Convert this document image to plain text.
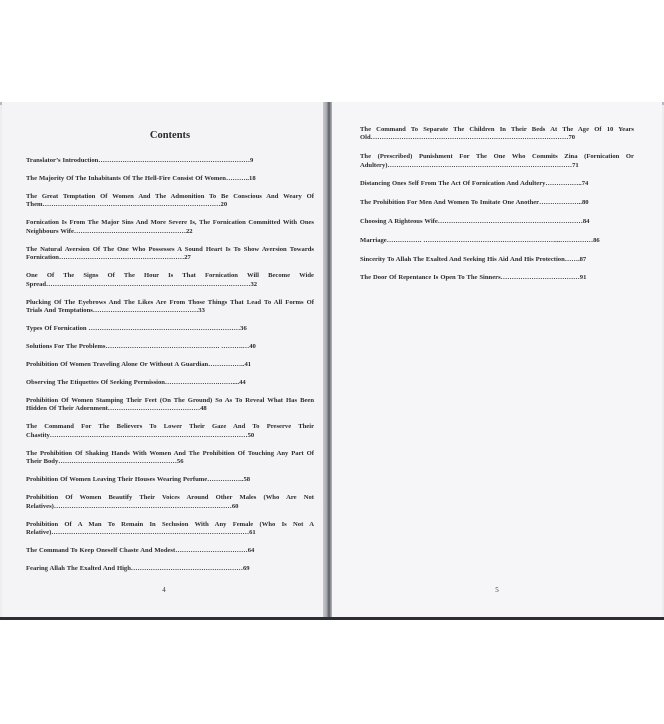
Contents
Translator’s Introduction……………………………………………………………9
The Majority Of The Inhabitants Of The Hell-Fire Consist Of Women………..18
The Great Temptation Of Women And The Admonition To Be Conscious And Weary Of Them………………………………………………………………………20
Fornication Is From The Major Sins And More Severe Is, The Fornication Committed With Ones Neighbours Wife……………………………………………22
The Natural Aversion Of The One Who Possesses A Sound Heart Is To Show Aversion Towards Fornication…………………………………………………27
One Of The Signs Of The Hour Is That Fornication Will Become Wide Spread…………………………………………………………………………………32
Plucking Of The Eyebrows And The Likes Are From Those Things That Lead To All Forms Of Trials And Temptations…………………………………………33
Types Of Fornication ……………………………………………………………36
Solutions For The Problems……………………………………………. ……….…40
Prohibition Of Women Traveling Alone Or Without A Guardian……………..41
Observing The Etiquettes Of Seeking Permission…………………….……....44
Prohibition Of Women Stamping Their Feet (On The Ground) So As To Reveal What Has Been Hidden Of Their Adornment……………………………………48
The Command For The Believers To Lower Their Gaze And To Preserve Their Chastity………………………………………………………………………………50
The Prohibition Of Shaking Hands With Women And The Prohibition Of Touching Any Part Of Their Body………………………………………………56
Prohibition Of Women Leaving Their Houses Wearing Perfume……………..58
Prohibition Of Women Beautify Their Voices Around Other Males (Who Are Not Relatives)………………………………………………………………………60
Prohibition Of A Man To Remain In Seclusion With Any Female (Who Is Not A Relative)………………………………………………………………………………61
The Command To Keep Oneself Chaste And Modest……………………………64
Fearing Allah The Exalted And High……………………………………………69
4
The Command To Separate The Children In Their Beds At The Age Of 10 Years Old………………………………………………………………………………70
The (Prescribed) Punishment For The One Who Commits Zina (Fornication Or Adultery)…………………………………………………………………………71
Distancing Ones Self From The Act Of Fornication And Adultery……………..74
The Prohibition For Men And Women To Imitate One Another………………..80
Choosing A Righteous Wife…………………………………………………………84
Marriage……………. ……………………………………………………...……………86
Sincerity To Allah The Exalted And Seeking His Aid And His Protection…….87
The Door Of Repentance Is Open To The Sinners………………………………91
5
